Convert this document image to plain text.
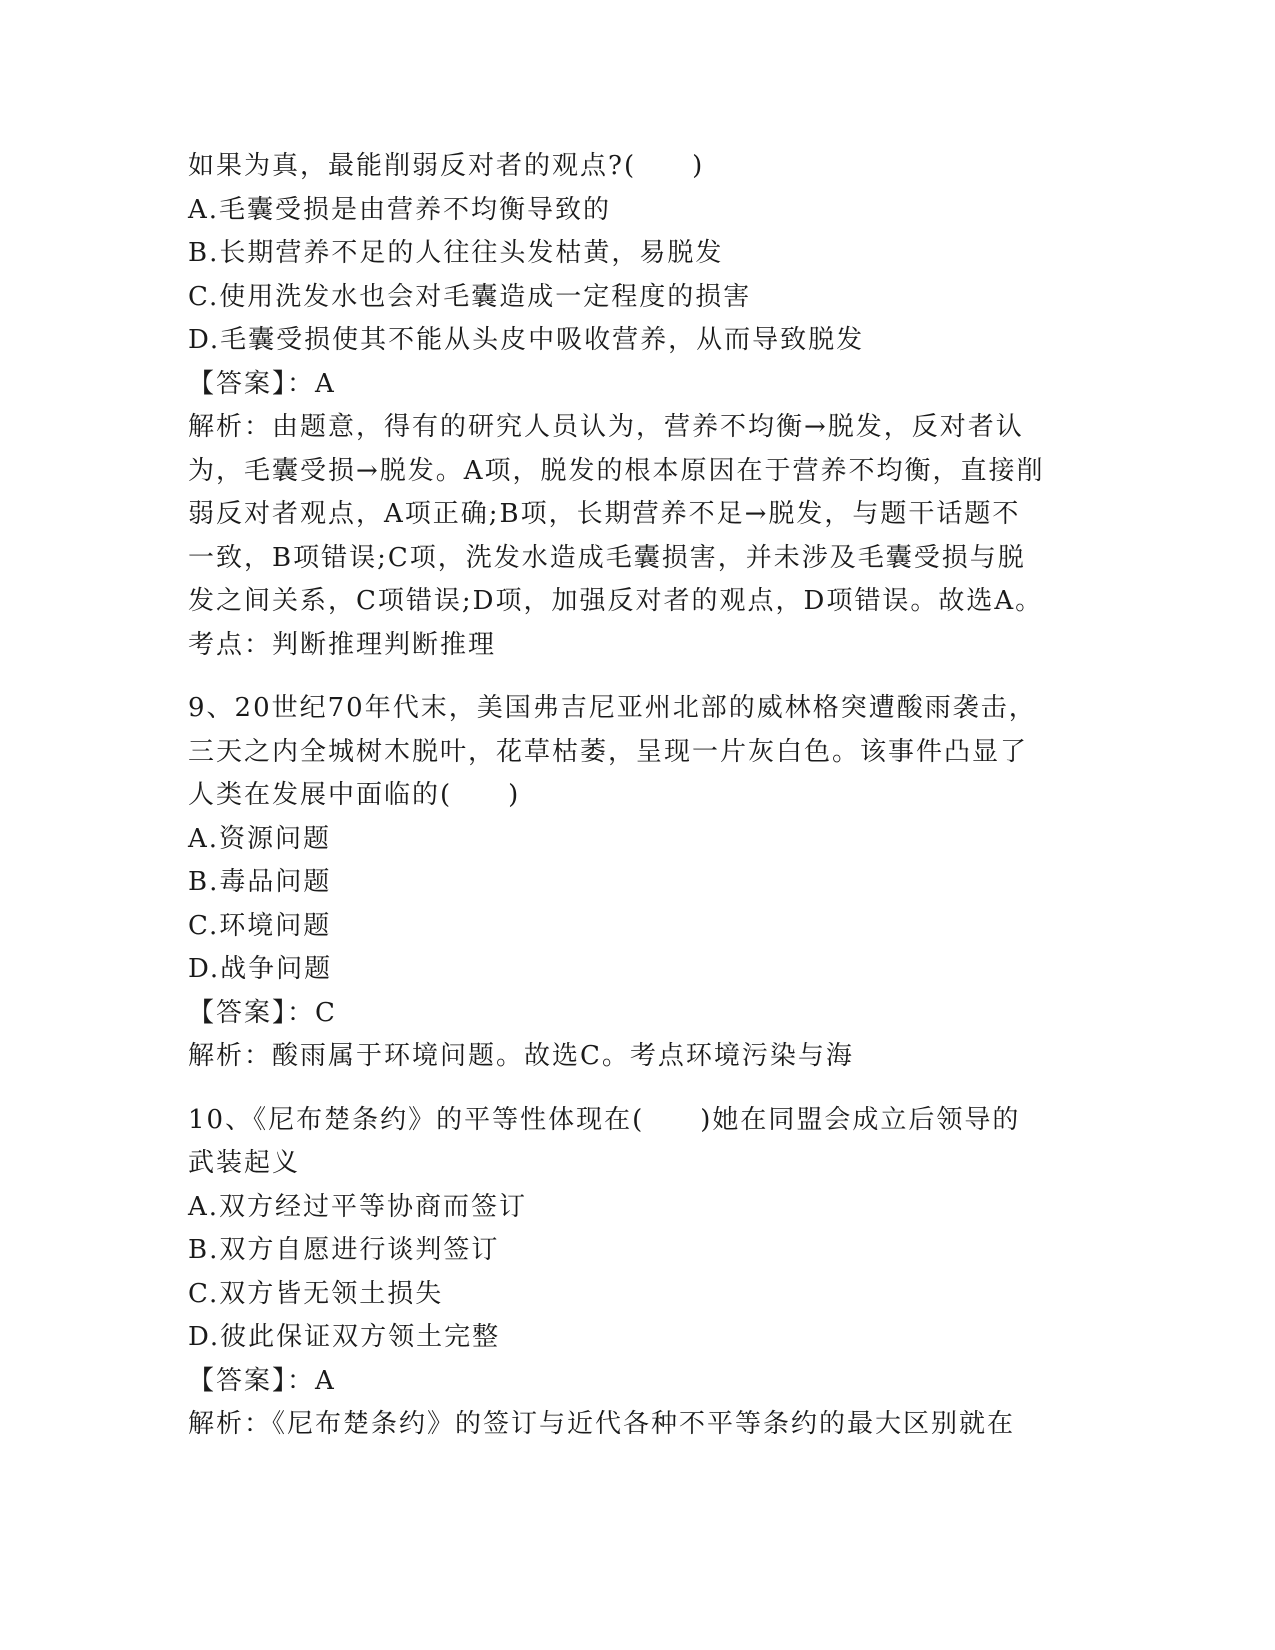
如果为真，最能削弱反对者的观点?(　　)
A.毛囊受损是由营养不均衡导致的
B.长期营养不足的人往往头发枯黄，易脱发
C.使用洗发水也会对毛囊造成一定程度的损害
D.毛囊受损使其不能从头皮中吸收营养，从而导致脱发
【答案】：A
解析：由题意，得有的研究人员认为，营养不均衡→脱发，反对者认
为，毛囊受损→脱发。A项，脱发的根本原因在于营养不均衡，直接削
弱反对者观点，A项正确;B项，长期营养不足→脱发，与题干话题不
一致，B项错误;C项，洗发水造成毛囊损害，并未涉及毛囊受损与脱
发之间关系，C项错误;D项，加强反对者的观点，D项错误。故选A。
考点：判断推理判断推理
9、20世纪70年代末，美国弗吉尼亚州北部的威林格突遭酸雨袭击，
三天之内全城树木脱叶，花草枯萎，呈现一片灰白色。该事件凸显了
人类在发展中面临的(　　)
A.资源问题
B.毒品问题
C.环境问题
D.战争问题
【答案】：C
解析：酸雨属于环境问题。故选C。考点环境污染与海
10、《尼布楚条约》的平等性体现在(　　)她在同盟会成立后领导的
武装起义
A.双方经过平等协商而签订
B.双方自愿进行谈判签订
C.双方皆无领土损失
D.彼此保证双方领土完整
【答案】：A
解析：《尼布楚条约》的签订与近代各种不平等条约的最大区别就在
